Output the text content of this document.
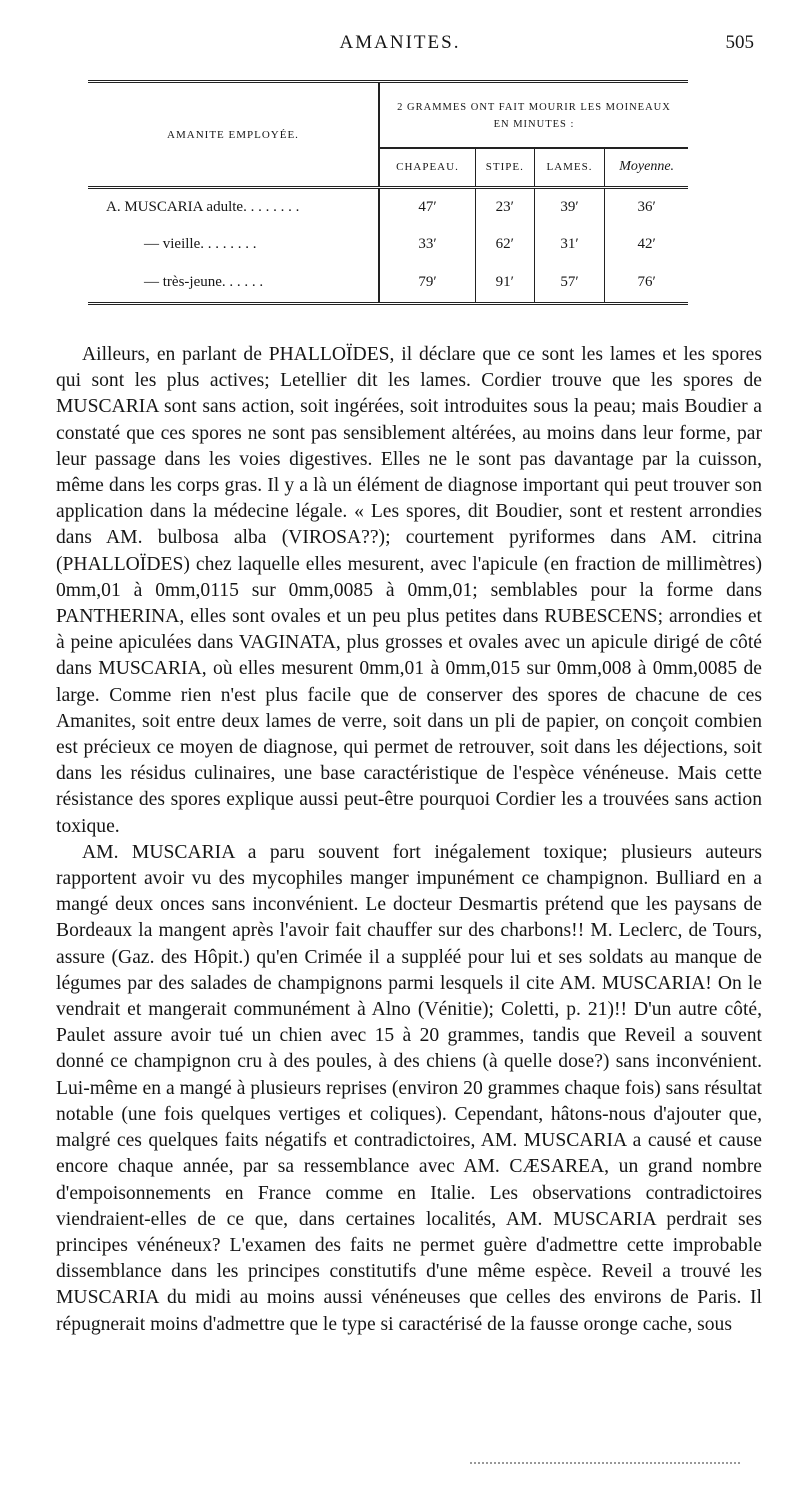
AMANITES.	505
AMANITE EMPLOYÉE.	2 GRAMMES ONT FAIT MOURIR LES MOINEAUX EN MINUTES :			
	CHAPEAU.	STIPE.	LAMES.	Moyenne.
A. MUSCARIA adulte. . . . . . . .	47′	23′	39′	36′
— vieille. . . . . . . .	33′	62′	31′	42′
— très-jeune. . . . . .	79′	91′	57′	76′

Ailleurs, en parlant de PHALLOÏDES, il déclare que ce sont les lames et les spores qui sont les plus actives; Letellier dit les lames. Cordier trouve que les spores de MUSCARIA sont sans action, soit ingérées, soit introduites sous la peau; mais Boudier a constaté que ces spores ne sont pas sensiblement altérées, au moins dans leur forme, par leur passage dans les voies digestives. Elles ne le sont pas davantage par la cuisson, même dans les corps gras. Il y a là un élément de diagnose important qui peut trouver son application dans la médecine légale. « Les spores, dit Boudier, sont et restent arrondies dans AM. bulbosa alba (VIROSA??); courtement pyriformes dans AM. citrina (PHALLOÏDES) chez laquelle elles mesurent, avec l'apicule (en fraction de millimètres) 0mm,01 à 0mm,0115 sur 0mm,0085 à 0mm,01; semblables pour la forme dans PANTHERINA, elles sont ovales et un peu plus petites dans RUBESCENS; arrondies et à peine apiculées dans VAGINATA, plus grosses et ovales avec un apicule dirigé de côté dans MUSCARIA, où elles mesurent 0mm,01 à 0mm,015 sur 0mm,008 à 0mm,0085 de large. Comme rien n'est plus facile que de conserver des spores de chacune de ces Amanites, soit entre deux lames de verre, soit dans un pli de papier, on conçoit combien est précieux ce moyen de diagnose, qui permet de retrouver, soit dans les déjections, soit dans les résidus culinaires, une base caractéristique de l'espèce vénéneuse. Mais cette résistance des spores explique aussi peut-être pourquoi Cordier les a trouvées sans action toxique.

AM. MUSCARIA a paru souvent fort inégalement toxique; plusieurs auteurs rapportent avoir vu des mycophiles manger impunément ce champignon. Bulliard en a mangé deux onces sans inconvénient. Le docteur Desmartis prétend que les paysans de Bordeaux la mangent après l'avoir fait chauffer sur des charbons!! M. Leclerc, de Tours, assure (Gaz. des Hôpit.) qu'en Crimée il a suppléé pour lui et ses soldats au manque de légumes par des salades de champignons parmi lesquels il cite AM. MUSCARIA! On le vendrait et mangerait communément à Alno (Vénitie); Coletti, p. 21)!! D'un autre côté, Paulet assure avoir tué un chien avec 15 à 20 grammes, tandis que Reveil a souvent donné ce champignon cru à des poules, à des chiens (à quelle dose?) sans inconvénient. Lui-même en a mangé à plusieurs reprises (environ 20 grammes chaque fois) sans résultat notable (une fois quelques vertiges et coliques). Cependant, hâtons-nous d'ajouter que, malgré ces quelques faits négatifs et contradictoires, AM. MUSCARIA a causé et cause encore chaque année, par sa ressemblance avec AM. CÆSAREA, un grand nombre d'empoisonnements en France comme en Italie. Les observations contradictoires viendraient-elles de ce que, dans certaines localités, AM. MUSCARIA perdrait ses principes vénéneux? L'examen des faits ne permet guère d'admettre cette improbable dissemblance dans les principes constitutifs d'une même espèce. Reveil a trouvé les MUSCARIA du midi au moins aussi vénéneuses que celles des environs de Paris. Il répugnerait moins d'admettre que le type si caractérisé de la fausse oronge cache, sous
